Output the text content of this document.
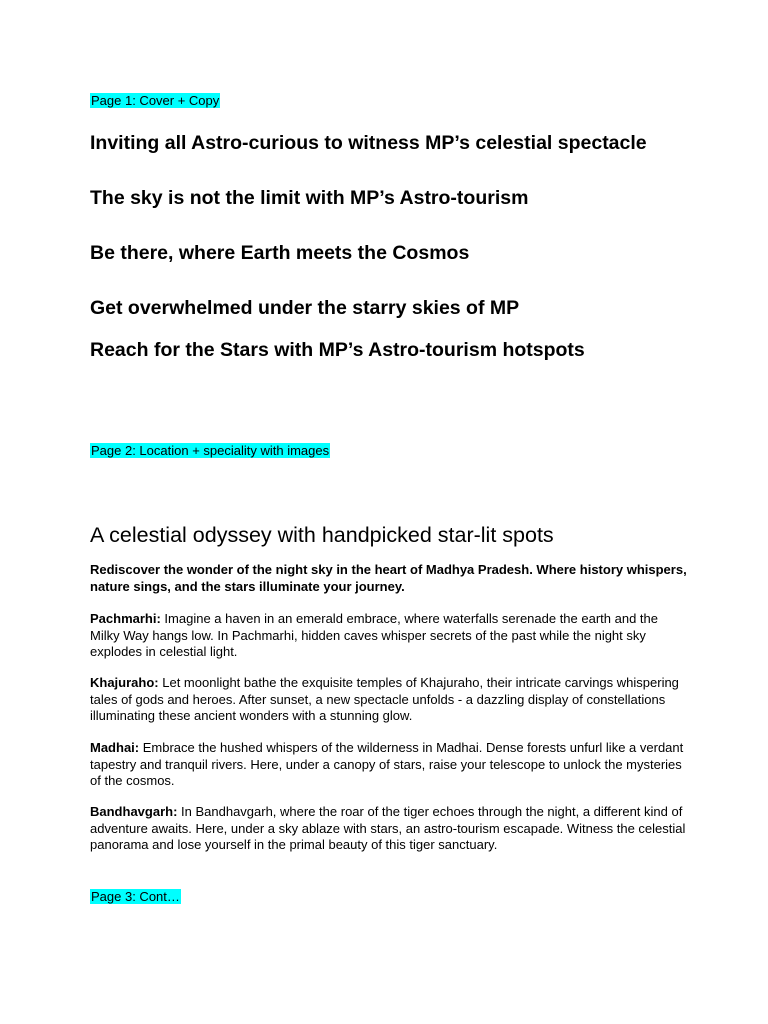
Page 1: Cover + Copy

Inviting all Astro-curious to witness MP’s celestial spectacle

The sky is not the limit with MP’s Astro-tourism

Be there, where Earth meets the Cosmos

Get overwhelmed under the starry skies of MP

Reach for the Stars with MP’s Astro-tourism hotspots

Page 2: Location + speciality with images
A celestial odyssey with handpicked star-lit spots

Rediscover the wonder of the night sky in the heart of Madhya Pradesh. Where history whispers, nature sings, and the stars illuminate your journey.

Pachmarhi: Imagine a haven in an emerald embrace, where waterfalls serenade the earth and the Milky Way hangs low. In Pachmarhi, hidden caves whisper secrets of the past while the night sky explodes in celestial light.

Khajuraho: Let moonlight bathe the exquisite temples of Khajuraho, their intricate carvings whispering tales of gods and heroes. After sunset, a new spectacle unfolds - a dazzling display of constellations illuminating these ancient wonders with a stunning glow.

Madhai: Embrace the hushed whispers of the wilderness in Madhai. Dense forests unfurl like a verdant tapestry and tranquil rivers. Here, under a canopy of stars, raise your telescope to unlock the mysteries of the cosmos.

Bandhavgarh: In Bandhavgarh, where the roar of the tiger echoes through the night, a different kind of adventure awaits. Here, under a sky ablaze with stars, an astro-tourism escapade. Witness the celestial panorama and lose yourself in the primal beauty of this tiger sanctuary.

Page 3: Cont…
